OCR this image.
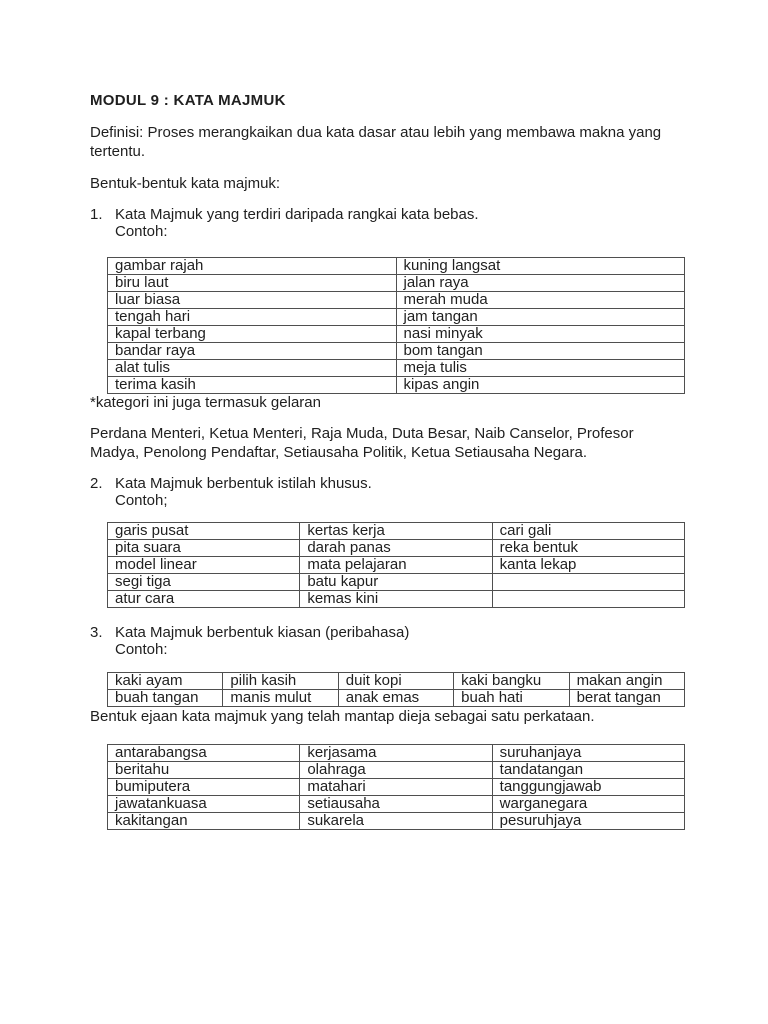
MODUL 9 : KATA MAJMUK

Definisi: Proses merangkaikan dua kata dasar atau lebih yang membawa makna yang tertentu.

Bentuk-bentuk kata majmuk:

1. Kata Majmuk yang terdiri daripada rangkai kata bebas.
Contoh:
gambar rajah	kuning langsat
biru laut	jalan raya
luar biasa	merah muda
tengah hari	jam tangan
kapal terbang	nasi minyak
bandar raya	bom tangan
alat tulis	meja tulis
terima kasih	kipas angin

*kategori ini juga termasuk gelaran

Perdana Menteri, Ketua Menteri, Raja Muda, Duta Besar, Naib Canselor, Profesor Madya, Penolong Pendaftar, Setiausaha Politik, Ketua Setiausaha Negara.

2. Kata Majmuk berbentuk istilah khusus.
Contoh;
garis pusat	kertas kerja	cari gali
pita suara	darah panas	reka bentuk
model linear	mata pelajaran	kanta lekap
segi tiga	batu kapur	
atur cara	kemas kini	
3. Kata Majmuk berbentuk kiasan (peribahasa)
Contoh:
kaki ayam	pilih kasih	duit kopi	kaki bangku	makan angin
buah tangan	manis mulut	anak emas	buah hati	berat tangan

Bentuk ejaan kata majmuk yang telah mantap dieja sebagai satu perkataan.

antarabangsa	kerjasama	suruhanjaya
beritahu	olahraga	tandatangan
bumiputera	matahari	tanggungjawab
jawatankuasa	setiausaha	warganegara
kakitangan	sukarela	pesuruhjaya
